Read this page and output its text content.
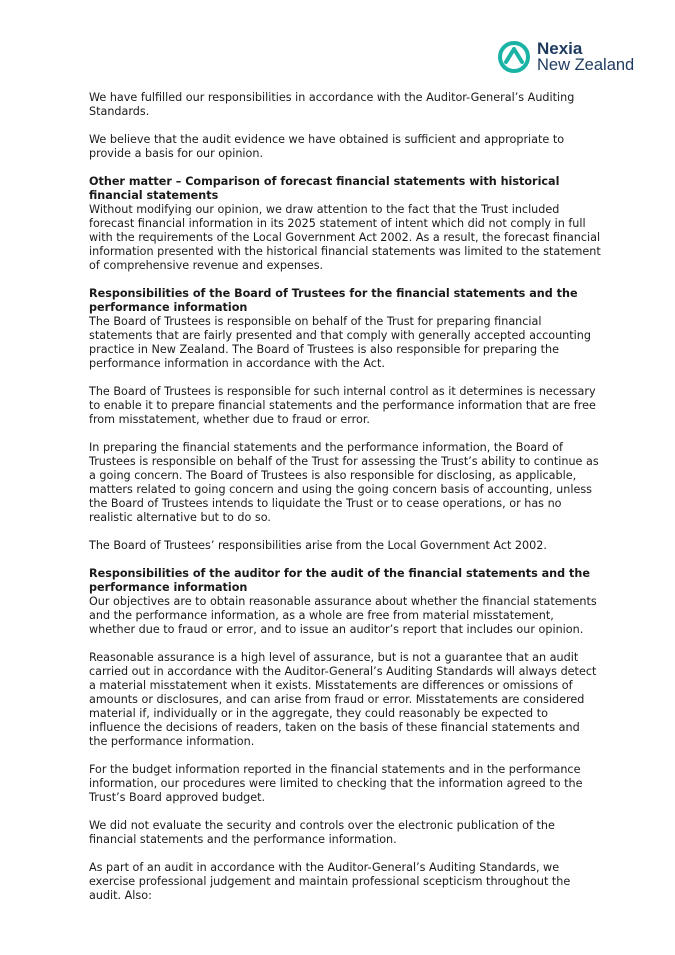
Nexia
New Zealand

We have fulfilled our responsibilities in accordance with the Auditor-General’s Auditing Standards.

We believe that the audit evidence we have obtained is sufficient and appropriate to provide a basis for our opinion.

Other matter – Comparison of forecast financial statements with historical financial statements

Without modifying our opinion, we draw attention to the fact that the Trust included forecast financial information in its 2025 statement of intent which did not comply in full with the requirements of the Local Government Act 2002. As a result, the forecast financial information presented with the historical financial statements was limited to the statement of comprehensive revenue and expenses.

Responsibilities of the Board of Trustees for the financial statements and the performance information

The Board of Trustees is responsible on behalf of the Trust for preparing financial statements that are fairly presented and that comply with generally accepted accounting practice in New Zealand. The Board of Trustees is also responsible for preparing the performance information in accordance with the Act.

The Board of Trustees is responsible for such internal control as it determines is necessary to enable it to prepare financial statements and the performance information that are free from misstatement, whether due to fraud or error.

In preparing the financial statements and the performance information, the Board of Trustees is responsible on behalf of the Trust for assessing the Trust’s ability to continue as a going concern. The Board of Trustees is also responsible for disclosing, as applicable, matters related to going concern and using the going concern basis of accounting, unless the Board of Trustees intends to liquidate the Trust or to cease operations, or has no realistic alternative but to do so.

The Board of Trustees’ responsibilities arise from the Local Government Act 2002.

Responsibilities of the auditor for the audit of the financial statements and the performance information

Our objectives are to obtain reasonable assurance about whether the financial statements and the performance information, as a whole are free from material misstatement, whether due to fraud or error, and to issue an auditor’s report that includes our opinion.

Reasonable assurance is a high level of assurance, but is not a guarantee that an audit carried out in accordance with the Auditor-General’s Auditing Standards will always detect a material misstatement when it exists. Misstatements are differences or omissions of amounts or disclosures, and can arise from fraud or error. Misstatements are considered material if, individually or in the aggregate, they could reasonably be expected to influence the decisions of readers, taken on the basis of these financial statements and the performance information.

For the budget information reported in the financial statements and in the performance information, our procedures were limited to checking that the information agreed to the Trust’s Board approved budget.

We did not evaluate the security and controls over the electronic publication of the financial statements and the performance information.

As part of an audit in accordance with the Auditor-General’s Auditing Standards, we exercise professional judgement and maintain professional scepticism throughout the audit. Also:
